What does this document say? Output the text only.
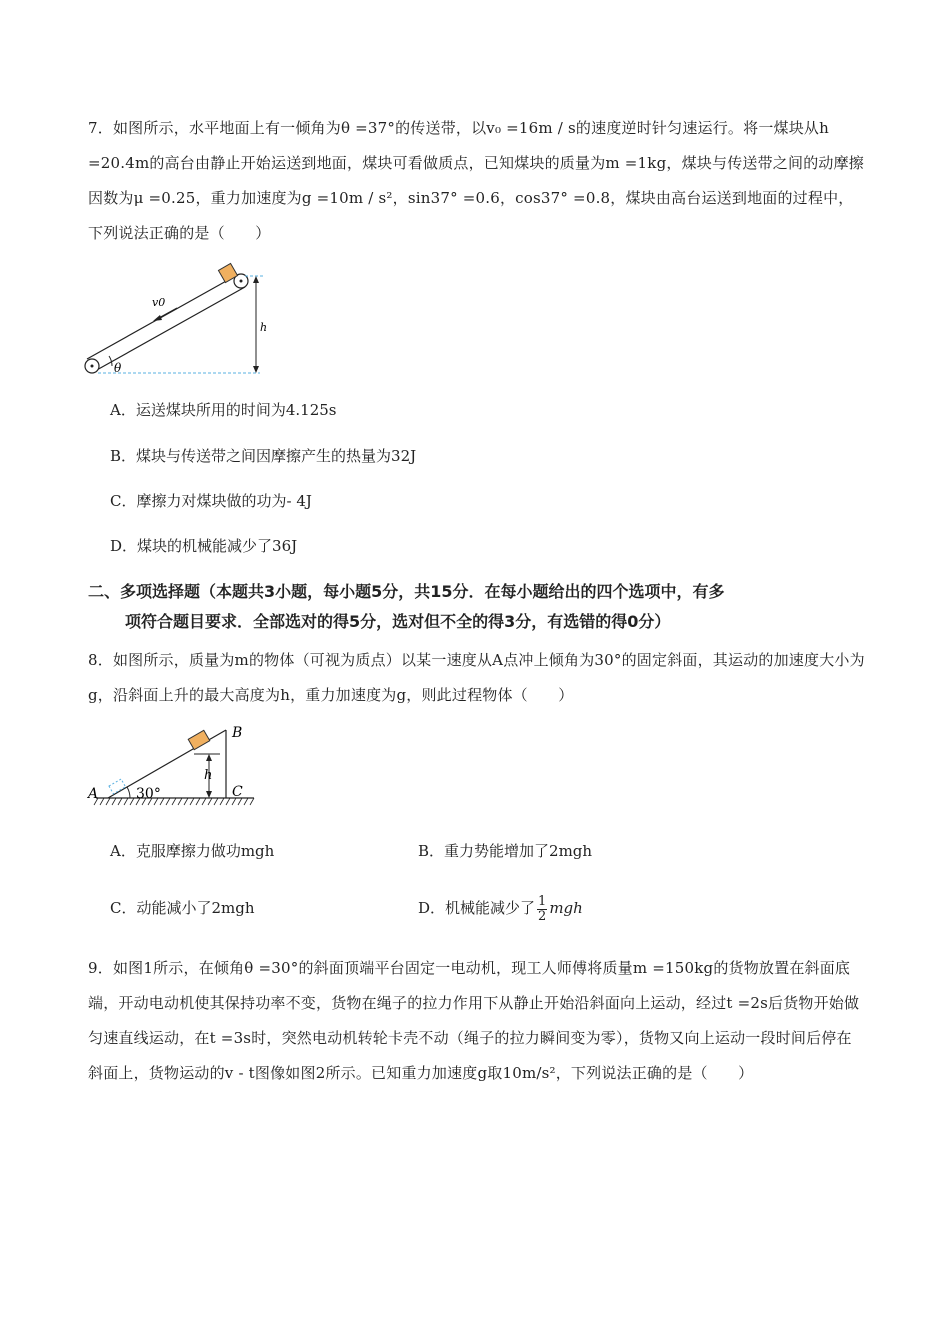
7．如图所示，水平地面上有一倾角为θ =37°的传送带，以v₀ =16m / s的速度逆时针匀速运行。将一煤块从h =20.4m的高台由静止开始运送到地面，煤块可看做质点，已知煤块的质量为m =1kg，煤块与传送带之间的动摩擦因数为μ =0.25，重力加速度为g =10m / s²，sin37° =0.6，cos37° =0.8，煤块由高台运送到地面的过程中，下列说法正确的是（　　）
v0
h
θ
A．运送煤块所用的时间为4.125s
B．煤块与传送带之间因摩擦产生的热量为32J
C．摩擦力对煤块做的功为- 4J
D．煤块的机械能减少了36J
二、多项选择题（本题共3小题，每小题5分，共15分．在每小题给出的四个选项中，有多
项符合题目要求．全部选对的得5分，选对但不全的得3分，有选错的得0分）
8．如图所示，质量为m的物体（可视为质点）以某一速度从A点冲上倾角为30°的固定斜面，其运动的加速度大小为g，沿斜面上升的最大高度为h，重力加速度为g，则此过程物体（　　）
A
B
C
h
30°
A．克服摩擦力做功mgh	B．重力势能增加了2mgh
C．动能减小了2mgh	D．机械能减少了 $\frac{1}{2}$ mgh
9．如图1所示，在倾角θ =30°的斜面顶端平台固定一电动机，现工人师傅将质量m =150kg的货物放置在斜面底端，开动电动机使其保持功率不变，货物在绳子的拉力作用下从静止开始沿斜面向上运动，经过t =2s后货物开始做匀速直线运动，在t =3s时，突然电动机转轮卡壳不动（绳子的拉力瞬间变为零），货物又向上运动一段时间后停在斜面上，货物运动的v - t图像如图2所示。已知重力加速度g取10m/s²，下列说法正确的是（　　）
